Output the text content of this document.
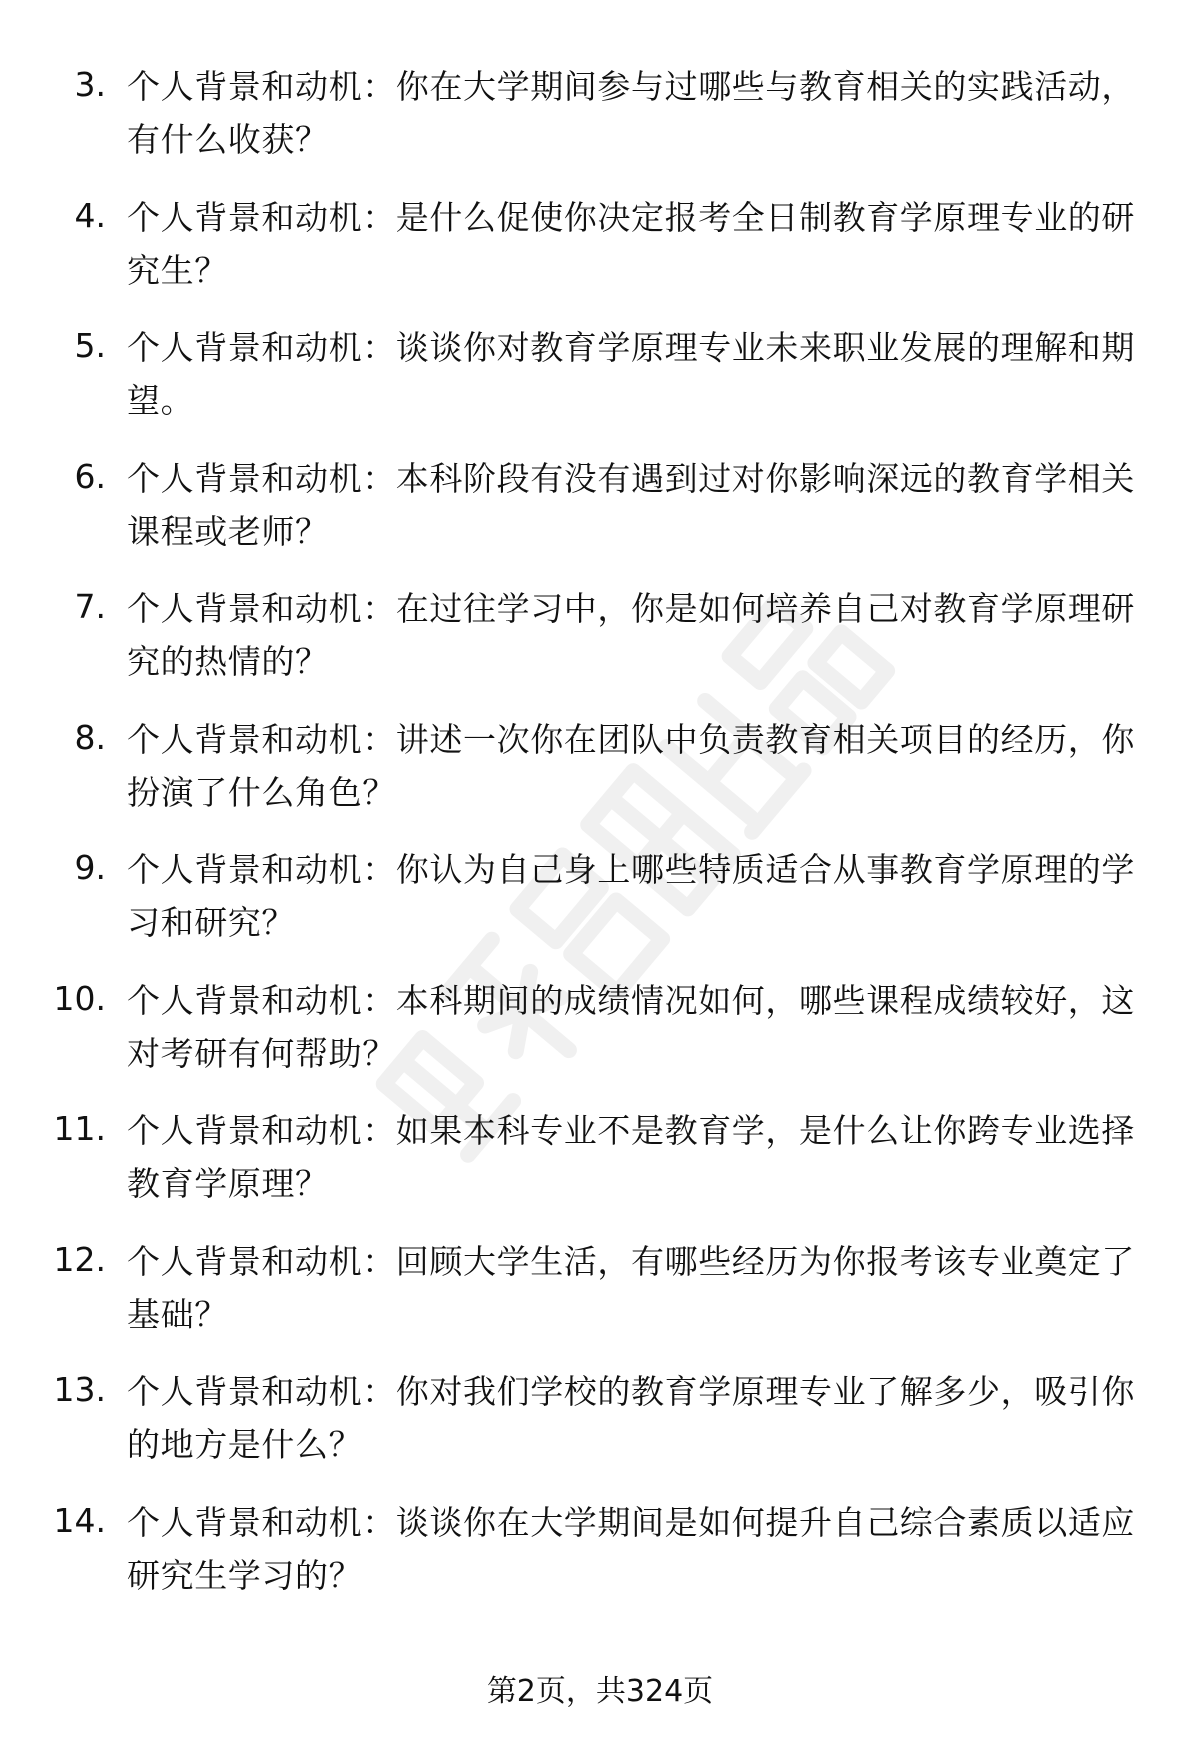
3. 个人背景和动机：你在大学期间参与过哪些与教育相关的实践活动，有什么收获？

4. 个人背景和动机：是什么促使你决定报考全日制教育学原理专业的研究生？

5. 个人背景和动机：谈谈你对教育学原理专业未来职业发展的理解和期望。

6. 个人背景和动机：本科阶段有没有遇到过对你影响深远的教育学相关课程或老师？

7. 个人背景和动机：在过往学习中，你是如何培养自己对教育学原理研究的热情的？

8. 个人背景和动机：讲述一次你在团队中负责教育相关项目的经历，你扮演了什么角色？

9. 个人背景和动机：你认为自己身上哪些特质适合从事教育学原理的学习和研究？

10. 个人背景和动机：本科期间的成绩情况如何，哪些课程成绩较好，这对考研有何帮助？

11. 个人背景和动机：如果本科专业不是教育学，是什么让你跨专业选择教育学原理？

12. 个人背景和动机：回顾大学生活，有哪些经历为你报考该专业奠定了基础？

13. 个人背景和动机：你对我们学校的教育学原理专业了解多少，吸引你的地方是什么？

14. 个人背景和动机：谈谈你在大学期间是如何提升自己综合素质以适应研究生学习的？

第2页，共324页
